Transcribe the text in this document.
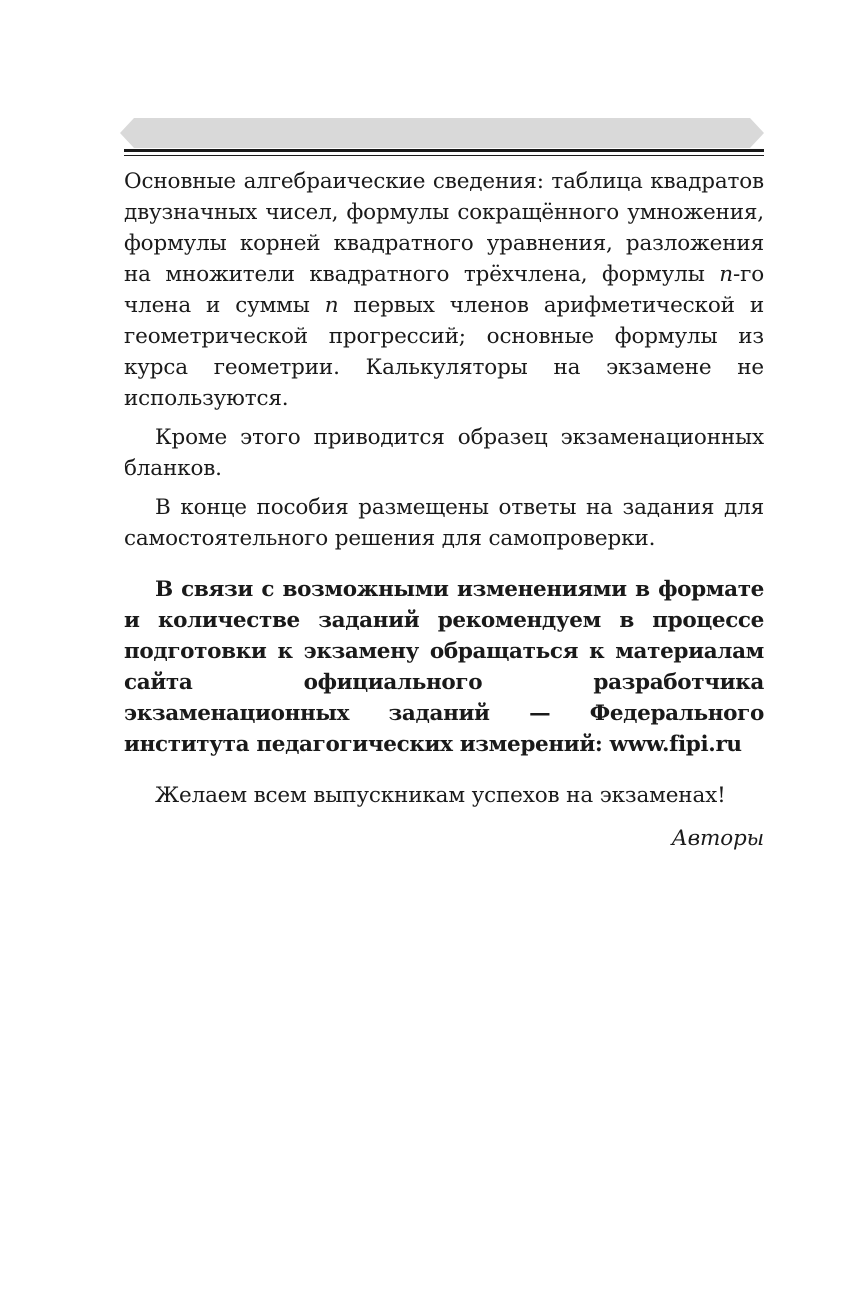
Основные алгебраические сведения: таблица квадратов двузначных чисел, формулы сокращённого умножения, формулы корней квадратного уравнения, разложения на множители квадратного трёхчлена, формулы n-го члена и суммы n первых членов арифметической и геометрической прогрессий; основные формулы из курса геометрии. Калькуляторы на экзамене не используются.

Кроме этого приводится образец экзаменационных бланков.

В конце пособия размещены ответы на задания для самостоятельного решения для самопроверки.

В связи с возможными изменениями в формате и количестве заданий рекомендуем в процессе подготовки к экзамену обращаться к материалам сайта официального разработчика экзаменационных заданий — Федерального института педагогических измерений: www.fipi.ru

Желаем всем выпускникам успехов на экзаменах!

Авторы
